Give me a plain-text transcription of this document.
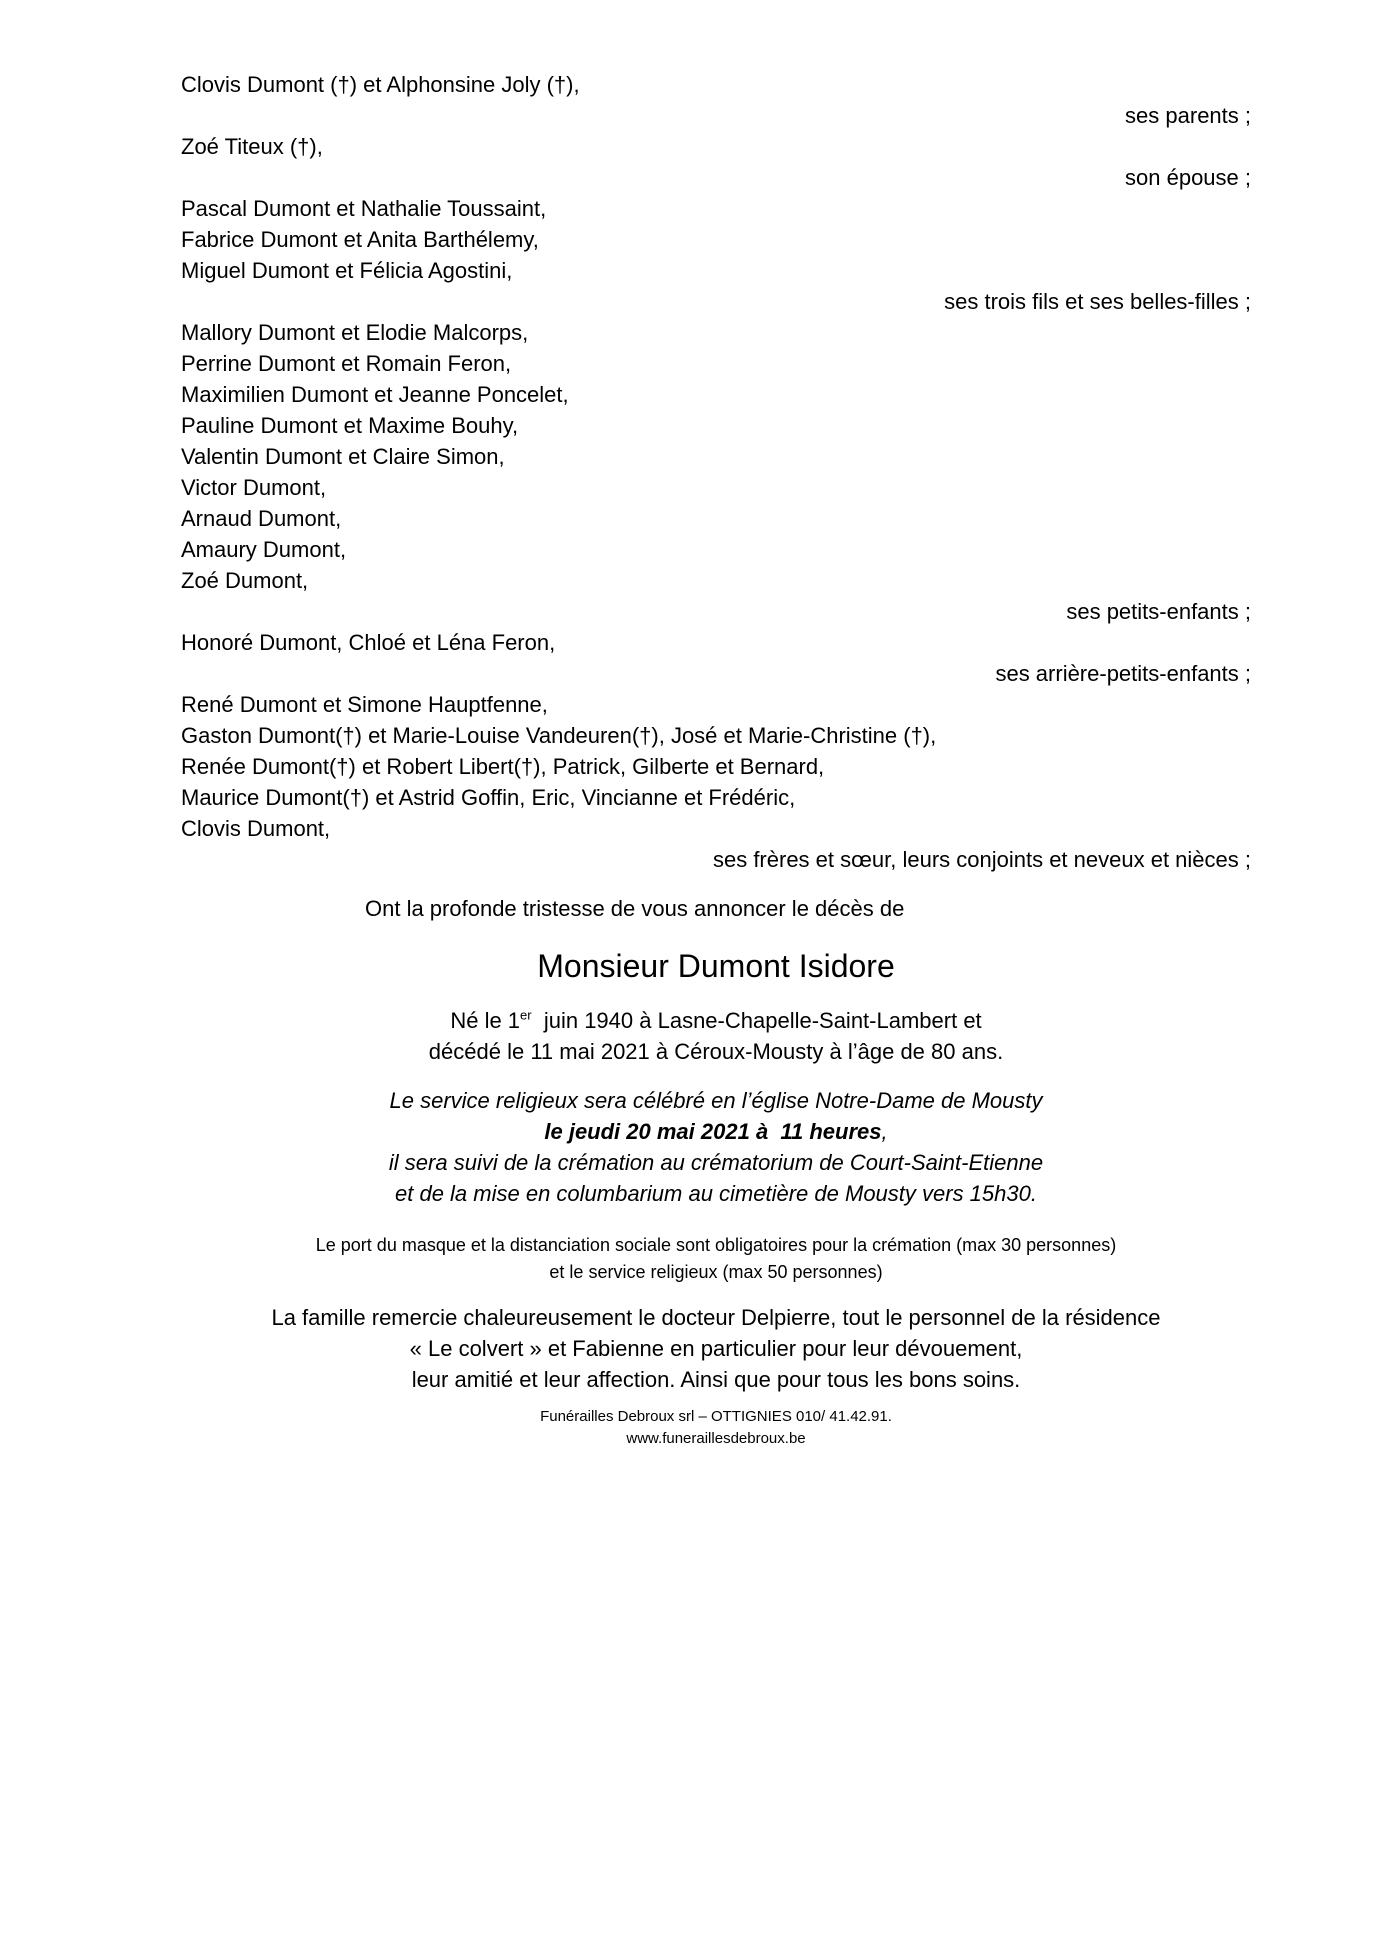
Clovis Dumont (†) et Alphonsine Joly (†),
ses parents ;
Zoé Titeux (†),
son épouse ;
Pascal Dumont et Nathalie Toussaint,
Fabrice Dumont et Anita Barthélemy,
Miguel Dumont et Félicia Agostini,
ses trois fils et ses belles-filles ;
Mallory Dumont et Elodie Malcorps,
Perrine Dumont et Romain Feron,
Maximilien Dumont et Jeanne Poncelet,
Pauline Dumont et Maxime Bouhy,
Valentin Dumont et Claire Simon,
Victor Dumont,
Arnaud Dumont,
Amaury Dumont,
Zoé Dumont,
ses petits-enfants ;
Honoré Dumont, Chloé et Léna Feron,
ses arrière-petits-enfants ;
René Dumont et Simone Hauptfenne,
Gaston Dumont(†) et Marie-Louise Vandeuren(†), José et Marie-Christine (†),
Renée Dumont(†) et Robert Libert(†), Patrick, Gilberte et Bernard,
Maurice Dumont(†) et Astrid Goffin, Eric, Vincianne et Frédéric,
Clovis Dumont,
ses frères et sœur, leurs conjoints et neveux et nièces ;
Ont la profonde tristesse de vous annoncer le décès de
Monsieur Dumont Isidore
Né le 1er  juin 1940 à Lasne-Chapelle-Saint-Lambert et
décédé le 11 mai 2021 à Céroux-Mousty à l’âge de 80 ans.
Le service religieux sera célébré en l’église Notre-Dame de Mousty
le jeudi 20 mai 2021 à  11 heures,
il sera suivi de la crémation au crématorium de Court-Saint-Etienne
et de la mise en columbarium au cimetière de Mousty vers 15h30.
Le port du masque et la distanciation sociale sont obligatoires pour la crémation (max 30 personnes)
et le service religieux (max 50 personnes)
La famille remercie chaleureusement le docteur Delpierre, tout le personnel de la résidence
« Le colvert » et Fabienne en particulier pour leur dévouement,
leur amitié et leur affection. Ainsi que pour tous les bons soins.
Funérailles Debroux srl – OTTIGNIES 010/ 41.42.91.
www.funeraillesdebroux.be
